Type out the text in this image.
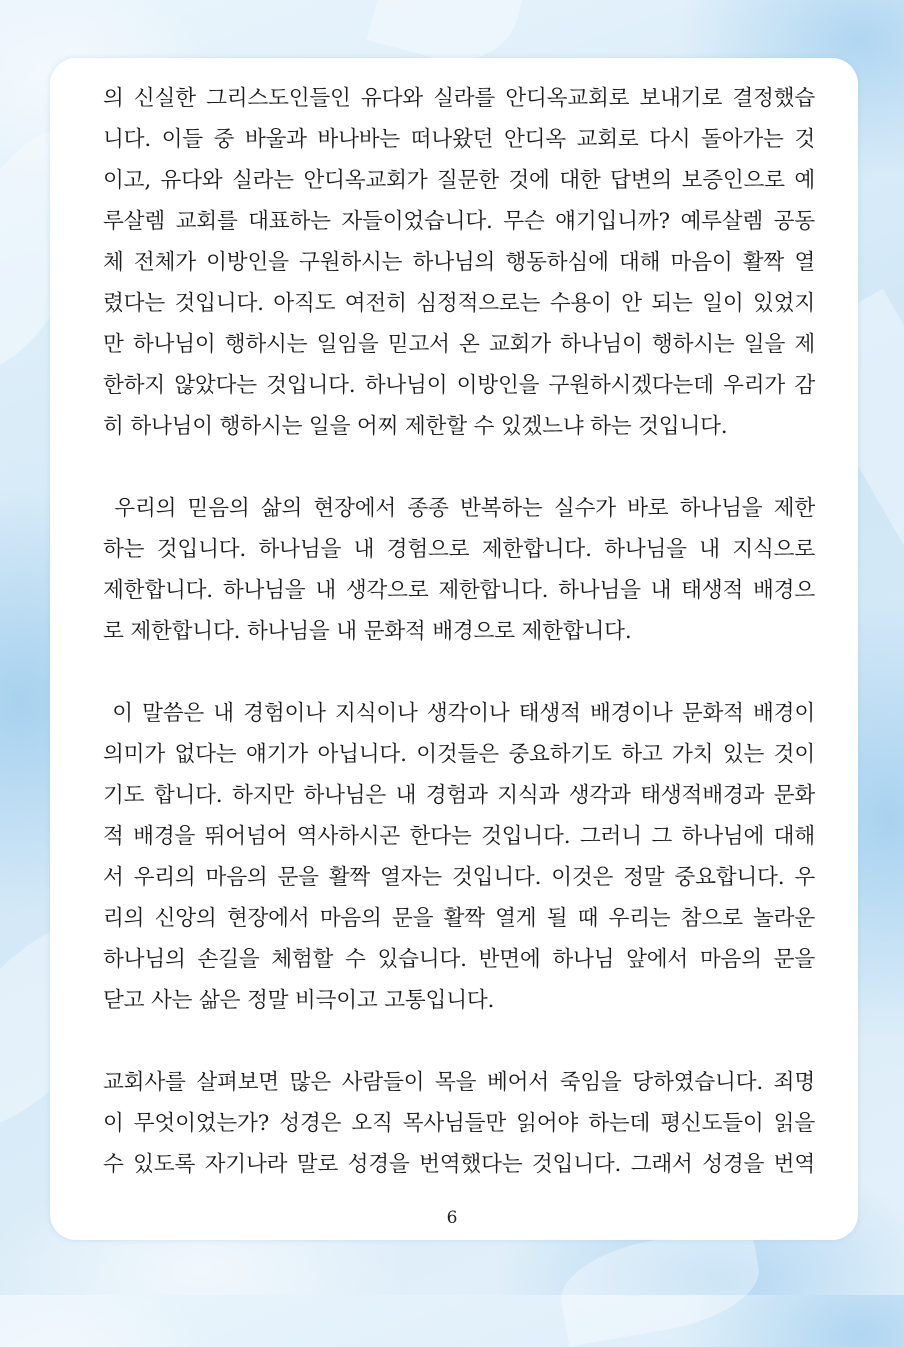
의 신실한 그리스도인들인 유다와 실라를 안디옥교회로 보내기로 결정했습
니다. 이들 중 바울과 바나바는 떠나왔던 안디옥 교회로 다시 돌아가는 것
이고, 유다와 실라는 안디옥교회가 질문한 것에 대한 답변의 보증인으로 예
루살렘 교회를 대표하는 자들이었습니다. 무슨 얘기입니까? 예루살렘 공동
체 전체가 이방인을 구원하시는 하나님의 행동하심에 대해 마음이 활짝 열
렸다는 것입니다. 아직도 여전히 심정적으로는 수용이 안 되는 일이 있었지
만 하나님이 행하시는 일임을 믿고서 온 교회가 하나님이 행하시는 일을 제
한하지 않았다는 것입니다. 하나님이 이방인을 구원하시겠다는데 우리가 감
히 하나님이 행하시는 일을 어찌 제한할 수 있겠느냐 하는 것입니다.
우리의 믿음의 삶의 현장에서 종종 반복하는 실수가 바로 하나님을 제한
하는 것입니다. 하나님을 내 경험으로 제한합니다. 하나님을 내 지식으로
제한합니다. 하나님을 내 생각으로 제한합니다. 하나님을 내 태생적 배경으
로 제한합니다. 하나님을 내 문화적 배경으로 제한합니다.
이 말씀은 내 경험이나 지식이나 생각이나 태생적 배경이나 문화적 배경이
의미가 없다는 얘기가 아닙니다. 이것들은 중요하기도 하고 가치 있는 것이
기도 합니다. 하지만 하나님은 내 경험과 지식과 생각과 태생적배경과 문화
적 배경을 뛰어넘어 역사하시곤 한다는 것입니다. 그러니 그 하나님에 대해
서 우리의 마음의 문을 활짝 열자는 것입니다. 이것은 정말 중요합니다. 우
리의 신앙의 현장에서 마음의 문을 활짝 열게 될 때 우리는 참으로 놀라운
하나님의 손길을 체험할 수 있습니다. 반면에 하나님 앞에서 마음의 문을
닫고 사는 삶은 정말 비극이고 고통입니다.
교회사를 살펴보면 많은 사람들이 목을 베어서 죽임을 당하였습니다. 죄명
이 무엇이었는가? 성경은 오직 목사님들만 읽어야 하는데 평신도들이 읽을
수 있도록 자기나라 말로 성경을 번역했다는 것입니다. 그래서 성경을 번역
6
